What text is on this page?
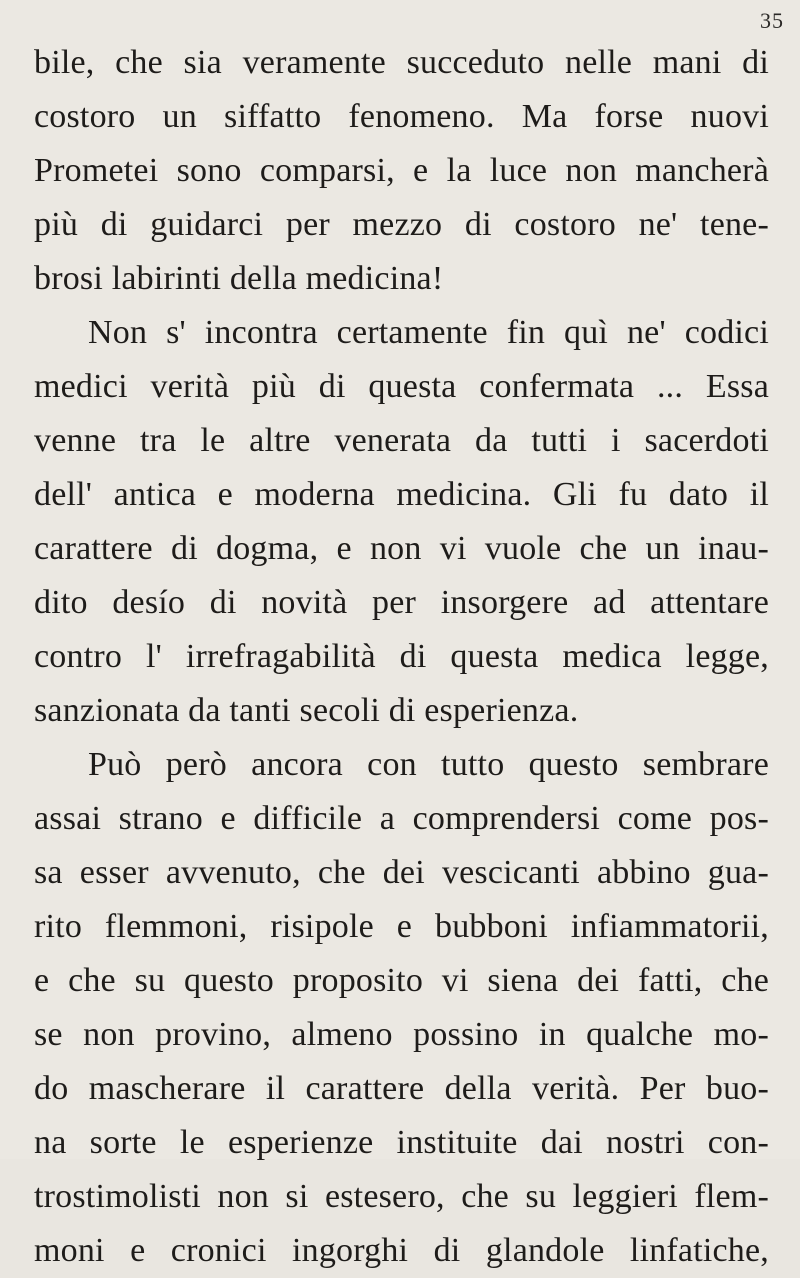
35
bile, che sia veramente succeduto nelle mani di
costoro un siffatto fenomeno. Ma forse nuovi
Prometei sono comparsi, e la luce non mancherà
più di guidarci per mezzo di costoro ne' tene-
brosi labirinti della medicina!
Non s' incontra certamente fin quì ne' codici
medici verità più di questa confermata ... Essa
venne tra le altre venerata da tutti i sacerdoti
dell' antica e moderna medicina. Gli fu dato il
carattere di dogma, e non vi vuole che un inau-
dito desío di novità per insorgere ad attentare
contro l' irrefragabilità di questa medica legge,
sanzionata da tanti secoli di esperienza.
Può però ancora con tutto questo sembrare
assai strano e difficile a comprendersi come pos-
sa esser avvenuto, che dei vescicanti abbino gua-
rito flemmoni, risipole e bubboni infiammatorii,
e che su questo proposito vi siena dei fatti, che
se non provino, almeno possino in qualche mo-
do mascherare il carattere della verità. Per buo-
na sorte le esperienze instituite dai nostri con-
trostimolisti non si estesero, che su leggieri flem-
moni e cronici ingorghi di glandole linfatiche,
